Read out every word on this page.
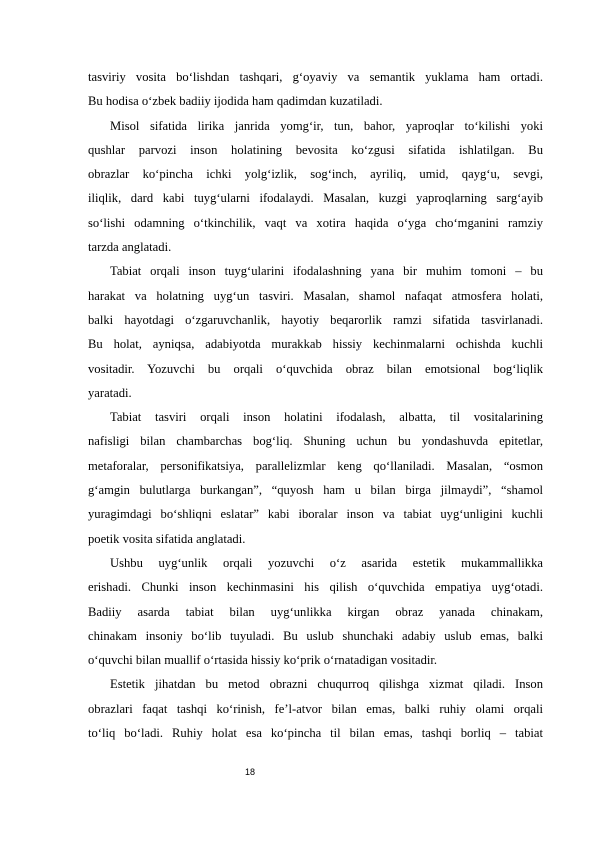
tasviriy vosita bo‘lishdan tashqari, g‘oyaviy va semantik yuklama ham ortadi.
Bu hodisa o‘zbek badiiy ijodida ham qadimdan kuzatiladi.
Misol sifatida lirika janrida yomg‘ir, tun, bahor, yaproqlar to‘kilishi yoki
qushlar parvozi inson holatining bevosita ko‘zgusi sifatida ishlatilgan. Bu
obrazlar ko‘pincha ichki yolg‘izlik, sog‘inch, ayriliq, umid, qayg‘u, sevgi,
iliqlik, dard kabi tuyg‘ularni ifodalaydi. Masalan, kuzgi yaproqlarning sarg‘ayib
so‘lishi odamning o‘tkinchilik, vaqt va xotira haqida o‘yga cho‘mganini ramziy
tarzda anglatadi.
Tabiat orqali inson tuyg‘ularini ifodalashning yana bir muhim tomoni – bu
harakat va holatning uyg‘un tasviri. Masalan, shamol nafaqat atmosfera holati,
balki hayotdagi o‘zgaruvchanlik, hayotiy beqarorlik ramzi sifatida tasvirlanadi.
Bu holat, ayniqsa, adabiyotda murakkab hissiy kechinmalarni ochishda kuchli
vositadir. Yozuvchi bu orqali o‘quvchida obraz bilan emotsional bog‘liqlik
yaratadi.
Tabiat tasviri orqali inson holatini ifodalash, albatta, til vositalarining
nafisligi bilan chambarchas bog‘liq. Shuning uchun bu yondashuvda epitetlar,
metaforalar, personifikatsiya, parallelizmlar keng qo‘llaniladi. Masalan, “osmon
g‘amgin bulutlarga burkangan”, “quyosh ham u bilan birga jilmaydi”, “shamol
yuragimdagi bo‘shliqni eslatar” kabi iboralar inson va tabiat uyg‘unligini kuchli
poetik vosita sifatida anglatadi.
Ushbu uyg‘unlik orqali yozuvchi o‘z asarida estetik mukammallikka
erishadi. Chunki inson kechinmasini his qilish o‘quvchida empatiya uyg‘otadi.
Badiiy asarda tabiat bilan uyg‘unlikka kirgan obraz yanada chinakam,
chinakam insoniy bo‘lib tuyuladi. Bu uslub shunchaki adabiy uslub emas, balki
o‘quvchi bilan muallif o‘rtasida hissiy ko‘prik o‘rnatadigan vositadir.
Estetik jihatdan bu metod obrazni chuqurroq qilishga xizmat qiladi. Inson
obrazlari faqat tashqi ko‘rinish, fe’l-atvor bilan emas, balki ruhiy olami orqali
to‘liq bo‘ladi. Ruhiy holat esa ko‘pincha til bilan emas, tashqi borliq – tabiat
18
